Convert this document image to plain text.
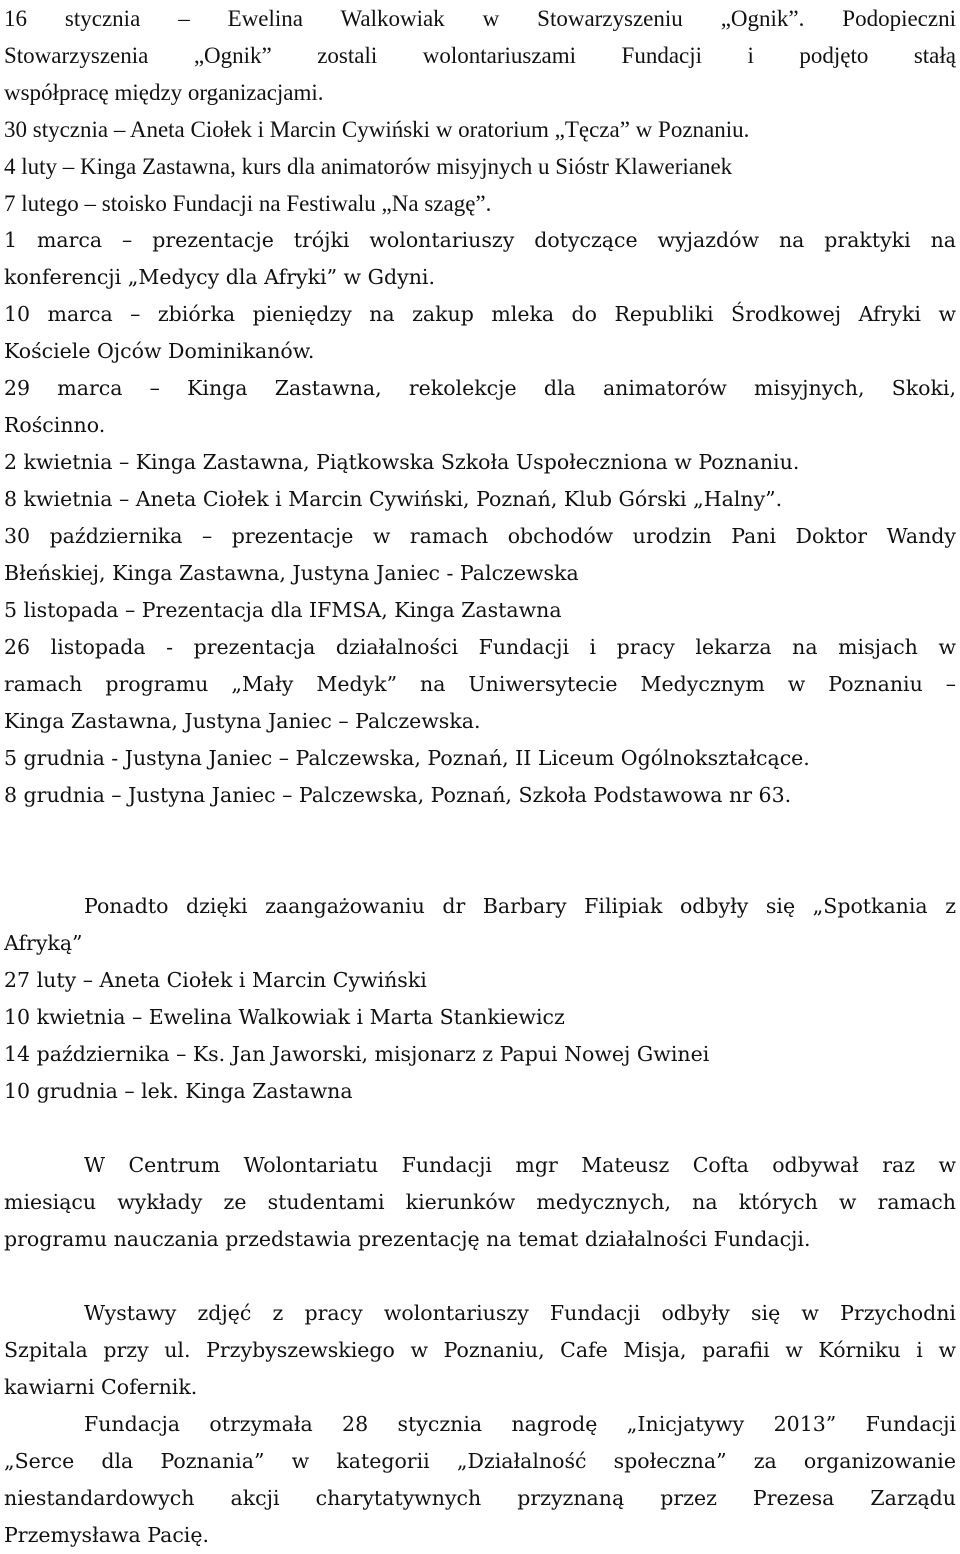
16 stycznia – Ewelina Walkowiak w Stowarzyszeniu „Ognik”. Podopieczni
Stowarzyszenia „Ognik” zostali wolontariuszami Fundacji i podjęto stałą
współpracę między organizacjami.
30 stycznia – Aneta Ciołek i Marcin Cywiński w oratorium „Tęcza” w Poznaniu.
4 luty – Kinga Zastawna, kurs dla animatorów misyjnych u Sióstr Klawerianek
7 lutego – stoisko Fundacji na Festiwalu „Na szagę”.
1 marca – prezentacje trójki wolontariuszy dotyczące wyjazdów na praktyki na
konferencji „Medycy dla Afryki” w Gdyni.
10 marca – zbiórka pieniędzy na zakup mleka do Republiki Środkowej Afryki w
Kościele Ojców Dominikanów.
29 marca – Kinga Zastawna, rekolekcje dla animatorów misyjnych, Skoki,
Rościnno.
2 kwietnia – Kinga Zastawna, Piątkowska Szkoła Uspołeczniona w Poznaniu.
8 kwietnia – Aneta Ciołek i Marcin Cywiński, Poznań, Klub Górski „Halny”.
30 października – prezentacje w ramach obchodów urodzin Pani Doktor Wandy
Błeńskiej, Kinga Zastawna, Justyna Janiec - Palczewska
5 listopada – Prezentacja dla IFMSA, Kinga Zastawna
26 listopada - prezentacja działalności Fundacji i pracy lekarza na misjach w
ramach programu „Mały Medyk” na Uniwersytecie Medycznym w Poznaniu –
Kinga Zastawna, Justyna Janiec – Palczewska.
5 grudnia - Justyna Janiec – Palczewska, Poznań, II Liceum Ogólnokształcące.
8 grudnia – Justyna Janiec – Palczewska, Poznań, Szkoła Podstawowa nr 63.
Ponadto dzięki zaangażowaniu dr Barbary Filipiak odbyły się „Spotkania z
Afryką”
27 luty – Aneta Ciołek i Marcin Cywiński
10 kwietnia – Ewelina Walkowiak i Marta Stankiewicz
14 października – Ks. Jan Jaworski, misjonarz z Papui Nowej Gwinei
10 grudnia – lek. Kinga Zastawna
W Centrum Wolontariatu Fundacji mgr Mateusz Cofta odbywał raz w
miesiącu wykłady ze studentami kierunków medycznych, na których w ramach
programu nauczania przedstawia prezentację na temat działalności Fundacji.
Wystawy zdjęć z pracy wolontariuszy Fundacji odbyły się w Przychodni
Szpitala przy ul. Przybyszewskiego w Poznaniu, Cafe Misja, parafii w Kórniku i w
kawiarni Cofernik.
Fundacja otrzymała 28 stycznia nagrodę „Inicjatywy 2013” Fundacji
„Serce dla Poznania” w kategorii „Działalność społeczna” za organizowanie
niestandardowych akcji charytatywnych przyznaną przez Prezesa Zarządu
Przemysława Pacię.
